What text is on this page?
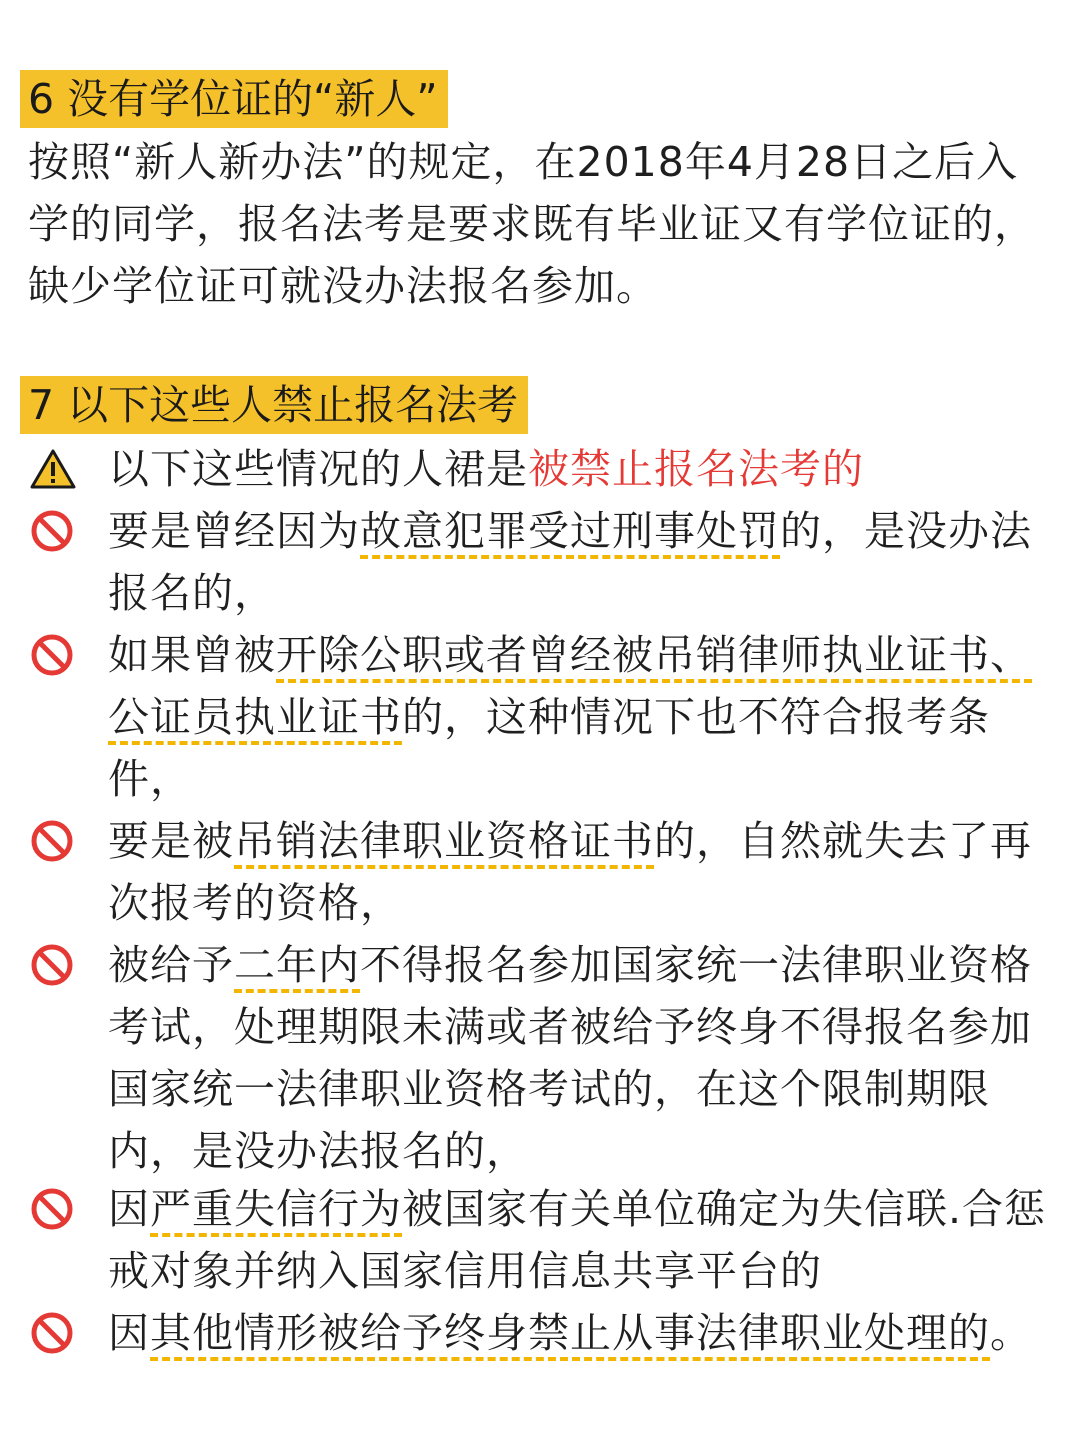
6 没有学位证的“新人”
按照“新人新办法”的规定，在2018年4月28日之后入学的同学，报名法考是要求既有毕业证又有学位证的，缺少学位证可就没办法报名参加。
7 以下这些人禁止报名法考
以下这些情况的人裙是被禁止报名法考的
要是曾经因为故意犯罪受过刑事处罚的，是没办法报名的，
如果曾被开除公职或者曾经被吊销律师执业证书、公证员执业证书的，这种情况下也不符合报考条件，
要是被吊销法律职业资格证书的，自然就失去了再次报考的资格，
被给予二年内不得报名参加国家统一法律职业资格考试，处理期限未满或者被给予终身不得报名参加国家统一法律职业资格考试的，在这个限制期限内，是没办法报名的，
因严重失信行为被国家有关单位确定为失信联.合惩戒对象并纳入国家信用信息共享平台的
因其他情形被给予终身禁止从事法律职业处理的。
